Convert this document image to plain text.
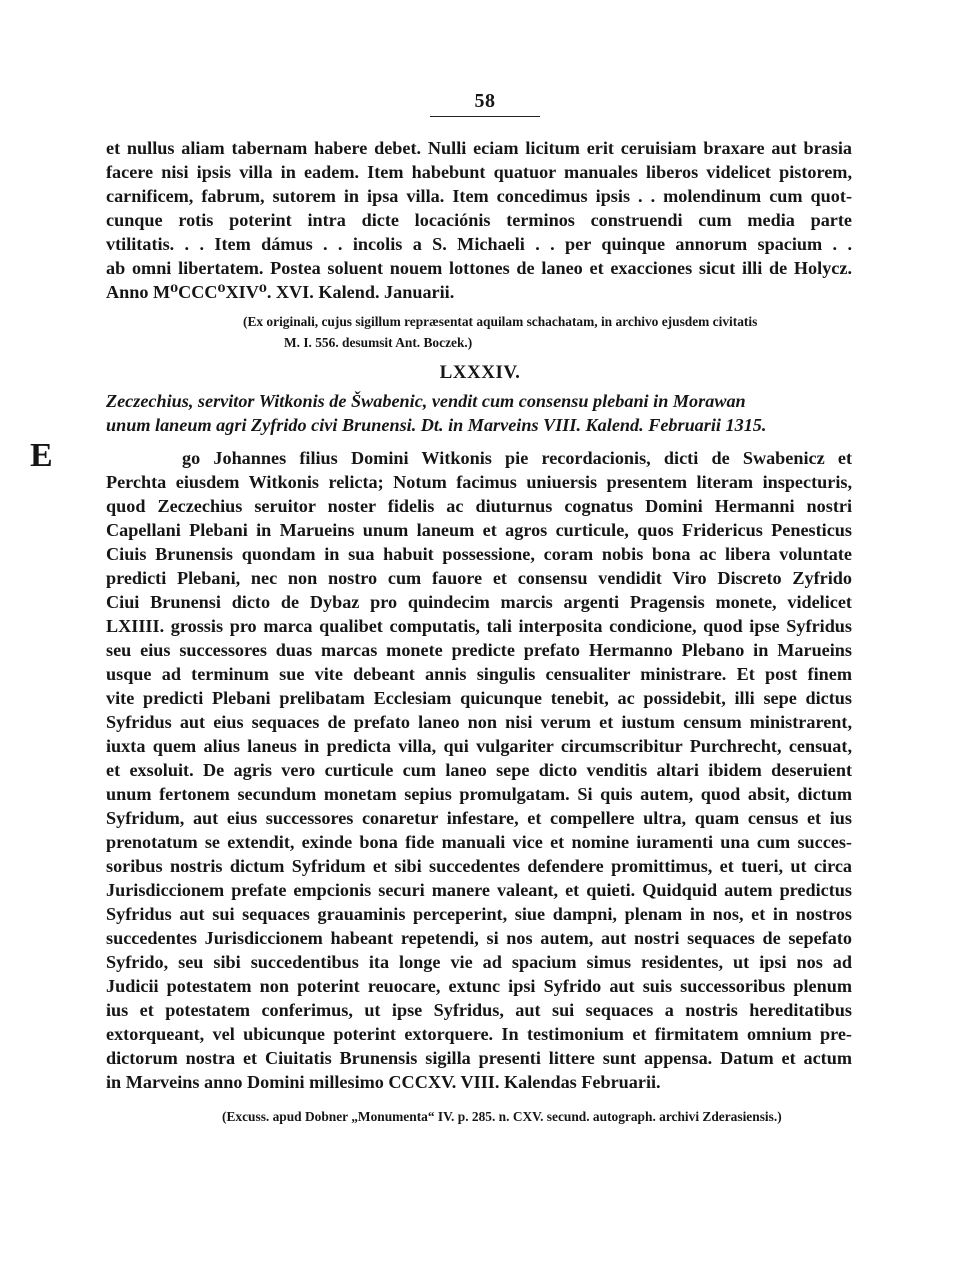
58
et nullus aliam tabernam habere debet. Nulli eciam licitum erit ceruisiam braxare aut brasia
facere nisi ipsis villa in eadem. Item habebunt quatuor manuales liberos videlicet pistorem,
carnificem, fabrum, sutorem in ipsa villa. Item concedimus ipsis . . molendinum cum quot-
cunque rotis poterint intra dicte locaciónis terminos construendi cum media parte
vtilitatis. . . Item dámus . . incolis a S. Michaeli . . per quinque annorum spacium . .
ab omni libertatem. Postea soluent nouem lottones de laneo et exacciones sicut illi de Holycz.
Anno M⁰CCC⁰XIV⁰. XVI. Kalend. Januarii.
(Ex originali, cujus sigillum repræsentat aquilam schachatam, in archivo ejusdem civitatis
M. I. 556. desumsit Ant. Boczek.)
LXXXIV.
Zeczechius, servitor Witkonis de Šwabenic, vendit cum consensu plebani in Morawan
unum laneum agri Zyfrido civi Brunensi. Dt. in Marveins VIII. Kalend. Februarii 1315.
E	go Johannes filius Domini Witkonis pie recordacionis, dicti de Swabenicz et
Perchta eiusdem Witkonis relicta; Notum facimus uniuersis presentem literam inspecturis,
quod Zeczechius seruitor noster fidelis ac diuturnus cognatus Domini Hermanni nostri
Capellani Plebani in Marueins unum laneum et agros curticule, quos Fridericus Penesticus
Ciuis Brunensis quondam in sua habuit possessione, coram nobis bona ac libera voluntate
predicti Plebani, nec non nostro cum fauore et consensu vendidit Viro Discreto Zyfrido
Ciui Brunensi dicto de Dybaz pro quindecim marcis argenti Pragensis monete, videlicet
LXIIII. grossis pro marca qualibet computatis, tali interposita condicione, quod ipse Syfridus
seu eius successores duas marcas monete predicte prefato Hermanno Plebano in Marueins
usque ad terminum sue vite debeant annis singulis censualiter ministrare. Et post finem
vite predicti Plebani prelibatam Ecclesiam quicunque tenebit, ac possidebit, illi sepe dictus
Syfridus aut eius sequaces de prefato laneo non nisi verum et iustum censum ministrarent,
iuxta quem alius laneus in predicta villa, qui vulgariter circumscribitur Purchrecht, censuat,
et exsoluit. De agris vero curticule cum laneo sepe dicto venditis altari ibidem deseruient
unum fertonem secundum monetam sepius promulgatam. Si quis autem, quod absit, dictum
Syfridum, aut eius successores conaretur infestare, et compellere ultra, quam census et ius
prenotatum se extendit, exinde bona fide manuali vice et nomine iuramenti una cum succes-
soribus nostris dictum Syfridum et sibi succedentes defendere promittimus, et tueri, ut circa
Jurisdiccionem prefate empcionis securi manere valeant, et quieti. Quidquid autem predictus
Syfridus aut sui sequaces grauaminis perceperint, siue dampni, plenam in nos, et in nostros
succedentes Jurisdiccionem habeant repetendi, si nos autem, aut nostri sequaces de sepefato
Syfrido, seu sibi succedentibus ita longe vie ad spacium simus residentes, ut ipsi nos ad
Judicii potestatem non poterint reuocare, extunc ipsi Syfrido aut suis successoribus plenum
ius et potestatem conferimus, ut ipse Syfridus, aut sui sequaces a nostris hereditatibus
extorqueant, vel ubicunque poterint extorquere. In testimonium et firmitatem omnium pre-
dictorum nostra et Ciuitatis Brunensis sigilla presenti littere sunt appensa. Datum et actum
in Marveins anno Domini millesimo CCCXV. VIII. Kalendas Februarii.
(Excuss. apud Dobner „Monumenta“ IV. p. 285. n. CXV. secund. autograph. archivi Zderasiensis.)
